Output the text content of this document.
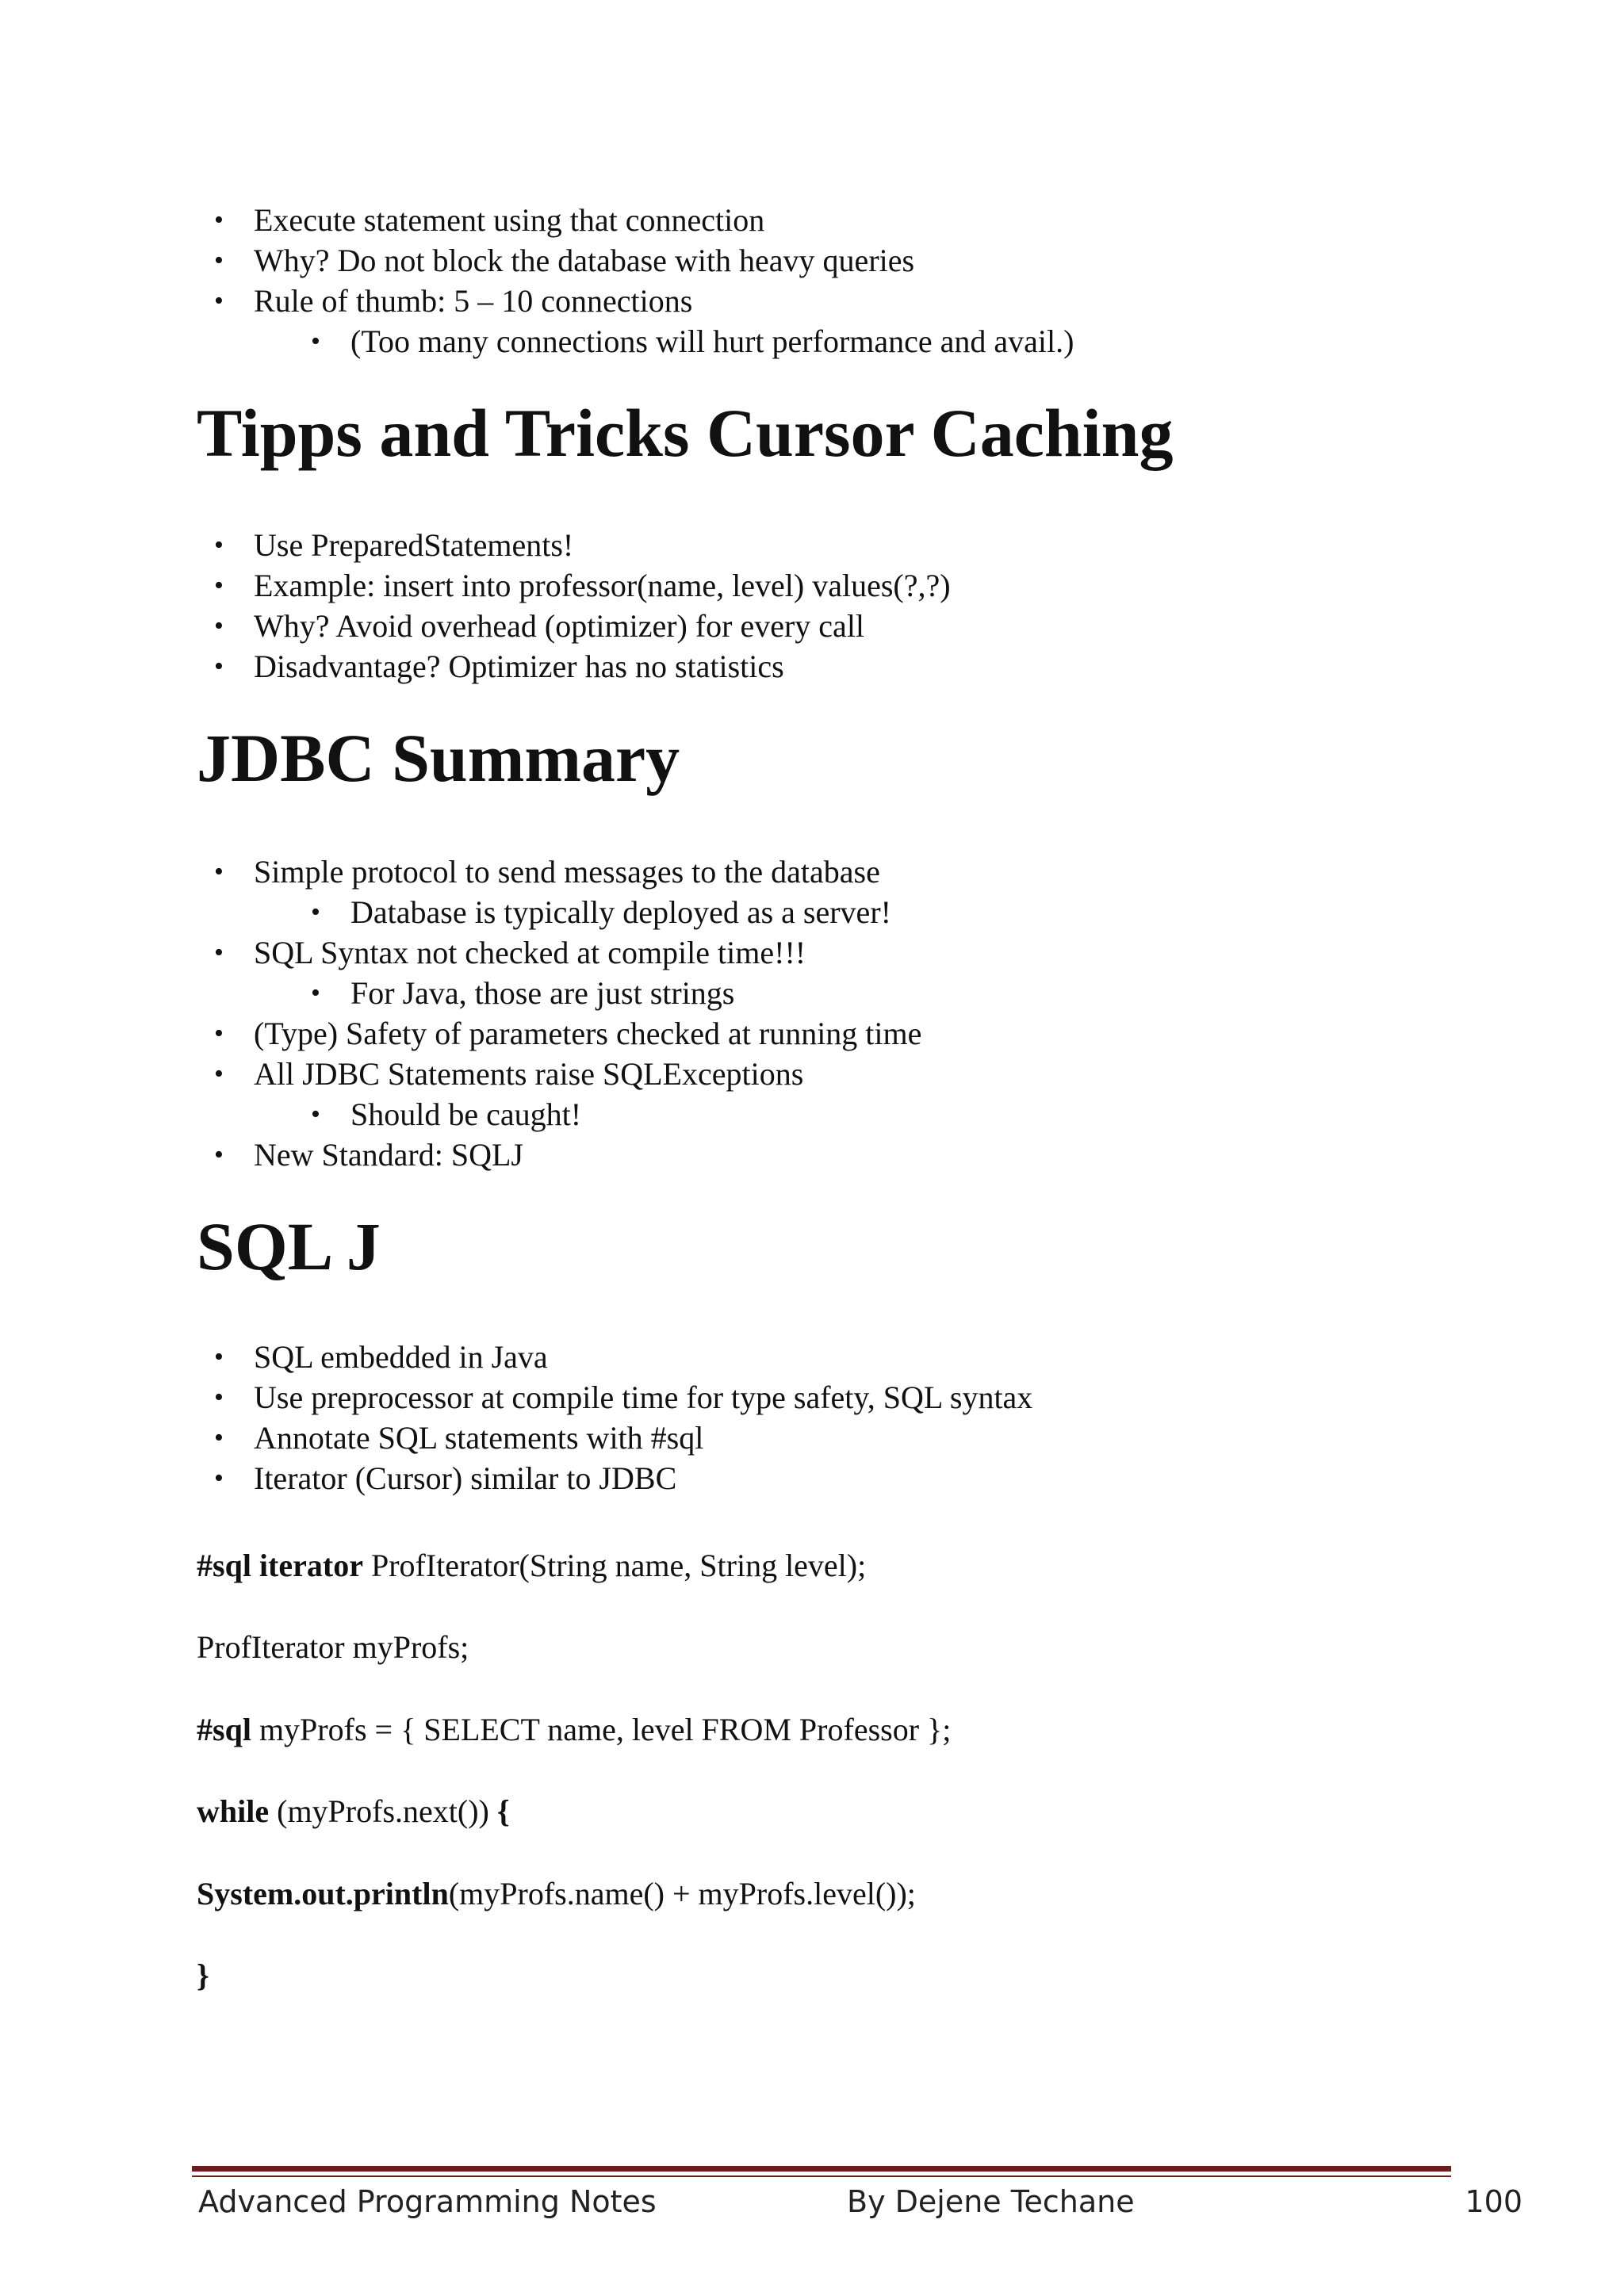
• Execute statement using that connection
• Why? Do not block the database with heavy queries
• Rule of thumb: 5 – 10 connections
• (Too many connections will hurt performance and avail.)
Tipps and Tricks Cursor Caching
• Use PreparedStatements!
• Example: insert into professor(name, level) values(?,?)
• Why? Avoid overhead (optimizer) for every call
• Disadvantage? Optimizer has no statistics
JDBC Summary
• Simple protocol to send messages to the database
• Database is typically deployed as a server!
• SQL Syntax not checked at compile time!!!
• For Java, those are just strings
• (Type) Safety of parameters checked at running time
• All JDBC Statements raise SQLExceptions
• Should be caught!
• New Standard: SQLJ
SQL J
• SQL embedded in Java
• Use preprocessor at compile time for type safety, SQL syntax
• Annotate SQL statements with #sql
• Iterator (Cursor) similar to JDBC
#sql iterator ProfIterator(String name, String level);
ProfIterator myProfs;
#sql myProfs = { SELECT name, level FROM Professor };
while (myProfs.next()) {
System.out.println(myProfs.name() + myProfs.level());
}
Advanced Programming Notes	By Dejene Techane	100
